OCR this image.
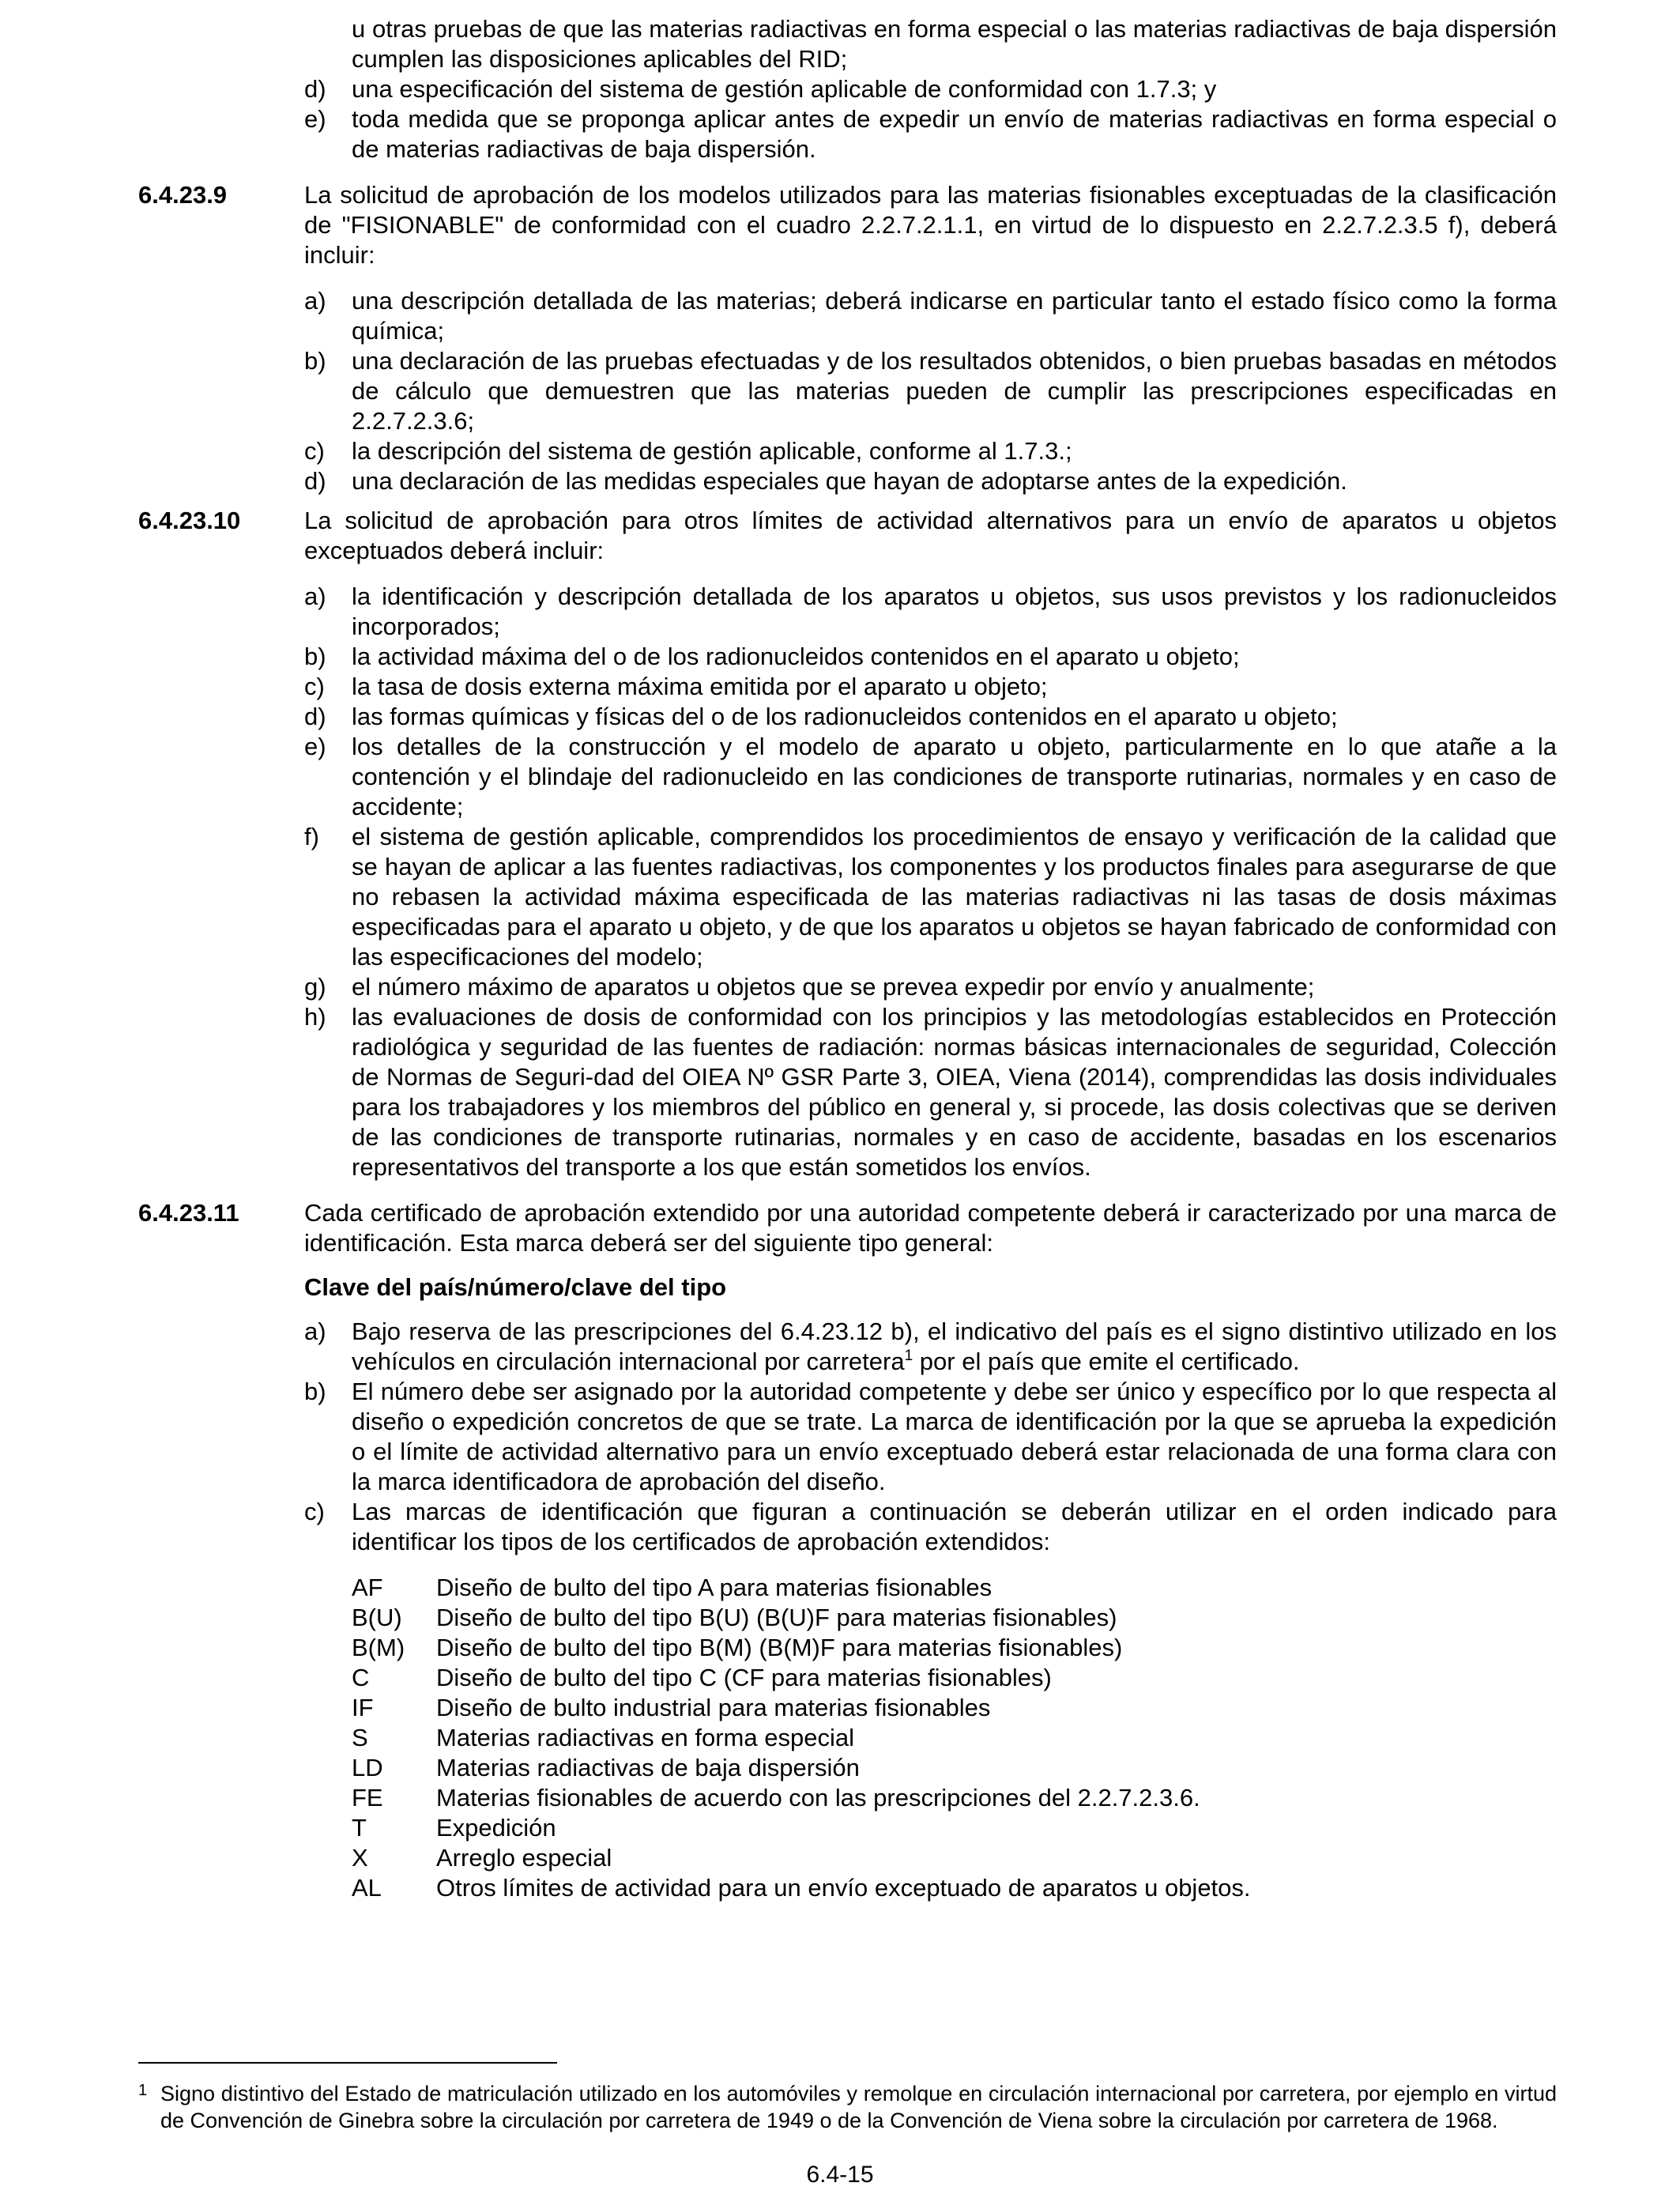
u otras pruebas de que las materias radiactivas en forma especial o las materias radiactivas de baja dispersión cumplen las disposiciones aplicables del RID;
d) una especificación del sistema de gestión aplicable de conformidad con 1.7.3; y
e) toda medida que se proponga aplicar antes de expedir un envío de materias radiactivas en forma especial o de materias radiactivas de baja dispersión.
6.4.23.9	La solicitud de aprobación de los modelos utilizados para las materias fisionables exceptuadas de la clasificación de "FISIONABLE" de conformidad con el cuadro 2.2.7.2.1.1, en virtud de lo dispuesto en 2.2.7.2.3.5 f), deberá incluir:
a) una descripción detallada de las materias; deberá indicarse en particular tanto el estado físico como la forma química;
b) una declaración de las pruebas efectuadas y de los resultados obtenidos, o bien pruebas basadas en métodos de cálculo que demuestren que las materias pueden de cumplir las prescripciones especificadas en 2.2.7.2.3.6;
c) la descripción del sistema de gestión aplicable, conforme al 1.7.3.;
d) una declaración de las medidas especiales que hayan de adoptarse antes de la expedición.
6.4.23.10	La solicitud de aprobación para otros límites de actividad alternativos para un envío de aparatos u objetos exceptuados deberá incluir:
a) la identificación y descripción detallada de los aparatos u objetos, sus usos previstos y los radionucleidos incorporados;
b) la actividad máxima del o de los radionucleidos contenidos en el aparato u objeto;
c) la tasa de dosis externa máxima emitida por el aparato u objeto;
d) las formas químicas y físicas del o de los radionucleidos contenidos en el aparato u objeto;
e) los detalles de la construcción y el modelo de aparato u objeto, particularmente en lo que atañe a la contención y el blindaje del radionucleido en las condiciones de transporte rutinarias, normales y en caso de accidente;
f) el sistema de gestión aplicable, comprendidos los procedimientos de ensayo y verificación de la calidad que se hayan de aplicar a las fuentes radiactivas, los componentes y los productos finales para asegurarse de que no rebasen la actividad máxima especificada de las materias radiactivas ni las tasas de dosis máximas especificadas para el aparato u objeto, y de que los aparatos u objetos se hayan fabricado de conformidad con las especificaciones del modelo;
g) el número máximo de aparatos u objetos que se prevea expedir por envío y anualmente;
h) las evaluaciones de dosis de conformidad con los principios y las metodologías establecidos en Protección radiológica y seguridad de las fuentes de radiación: normas básicas internacionales de seguridad, Colección de Normas de Seguri-dad del OIEA Nº GSR Parte 3, OIEA, Viena (2014), comprendidas las dosis individuales para los trabajadores y los miembros del público en general y, si procede, las dosis colectivas que se deriven de las condiciones de transporte rutinarias, normales y en caso de accidente, basadas en los escenarios representativos del transporte a los que están sometidos los envíos.
6.4.23.11	Cada certificado de aprobación extendido por una autoridad competente deberá ir caracterizado por una marca de identificación. Esta marca deberá ser del siguiente tipo general:
Clave del país/número/clave del tipo
a) Bajo reserva de las prescripciones del 6.4.23.12 b), el indicativo del país es el signo distintivo utilizado en los vehículos en circulación internacional por carretera$^1$ por el país que emite el certificado.
b) El número debe ser asignado por la autoridad competente y debe ser único y específico por lo que respecta al diseño o expedición concretos de que se trate. La marca de identificación por la que se aprueba la expedición o el límite de actividad alternativo para un envío exceptuado deberá estar relacionada de una forma clara con la marca identificadora de aprobación del diseño.
c) Las marcas de identificación que figuran a continuación se deberán utilizar en el orden indicado para identificar los tipos de los certificados de aprobación extendidos:
AF Diseño de bulto del tipo A para materias fisionables
B(U) Diseño de bulto del tipo B(U) (B(U)F para materias fisionables)
B(M) Diseño de bulto del tipo B(M) (B(M)F para materias fisionables)
C	Diseño de bulto del tipo C (CF para materias fisionables)
IF	Diseño de bulto industrial para materias fisionables
S	Materias radiactivas en forma especial
LD Materias radiactivas de baja dispersión
FE Materias fisionables de acuerdo con las prescripciones del 2.2.7.2.3.6.
T	Expedición
X	Arreglo especial
AL Otros límites de actividad para un envío exceptuado de aparatos u objetos.
1 Signo distintivo del Estado de matriculación utilizado en los automóviles y remolque en circulación internacional por carretera, por ejemplo en virtud de Convención de Ginebra sobre la circulación por carretera de 1949 o de la Convención de Viena sobre la circulación por carretera de 1968.
6.4-15
